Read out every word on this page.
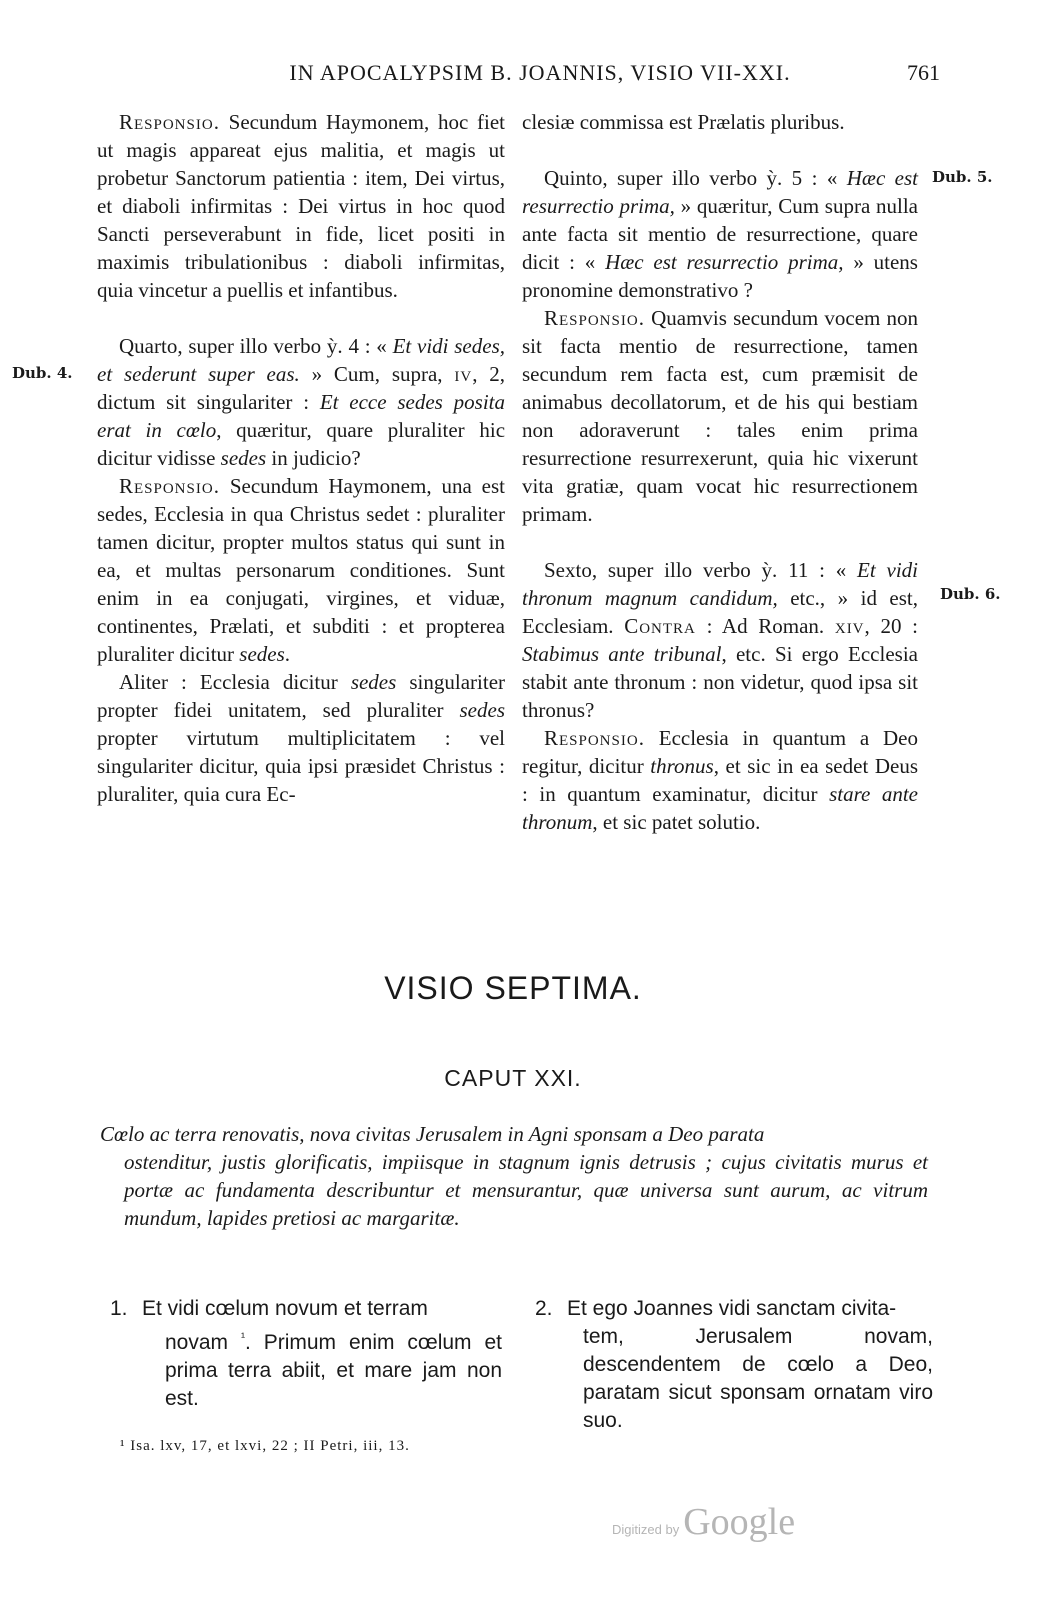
IN APOCALYPSIM B. JOANNIS, VISIO VII-XXI.	761

Responsio. Secundum Haymonem, hoc fiet ut magis appareat ejus malitia, et magis ut probetur Sanctorum patientia : item, Dei virtus, et diaboli infirmitas : Dei virtus in hoc quod Sancti perseverabunt in fide, licet positi in maximis tribulationibus : diaboli infirmitas, quia vincetur a puellis et infantibus.

Quarto, super illo verbo ỳ. 4 : « Et vidi sedes, et sederunt super eas. » Cum, supra, iv, 2, dictum sit singulariter : Et ecce sedes posita erat in cœlo, quæritur, quare pluraliter hic dicitur vidisse sedes in judicio?

Responsio. Secundum Haymonem, una est sedes, Ecclesia in qua Christus sedet : pluraliter tamen dicitur, propter multos status qui sunt in ea, et multas personarum conditiones. Sunt enim in ea conjugati, virgines, et viduæ, continentes, Prælati, et subditi : et propterea pluraliter dicitur sedes.

Aliter : Ecclesia dicitur sedes singulariter propter fidei unitatem, sed pluraliter sedes propter virtutum multiplicitatem : vel singulariter dicitur, quia ipsi præsidet Christus : pluraliter, quia cura Ec-

clesiæ commissa est Prælatis pluribus.

Quinto, super illo verbo ỳ. 5 : « Hæc est resurrectio prima, » quæritur, Cum supra nulla ante facta sit mentio de resurrectione, quare dicit : « Hæc est resurrectio prima, » utens pronomine demonstrativo ?

Responsio. Quamvis secundum vocem non sit facta mentio de resurrectione, tamen secundum rem facta est, cum præmisit de animabus decollatorum, et de his qui bestiam non adoraverunt : tales enim prima resurrectione resurrexerunt, quia hic vixerunt vita gratiæ, quam vocat hic resurrectionem primam.

Sexto, super illo verbo ỳ. 11 : « Et vidi thronum magnum candidum, etc., » id est, Ecclesiam. Contra : Ad Roman. xiv, 20 : Stabimus ante tribunal, etc. Si ergo Ecclesia stabit ante thronum : non videtur, quod ipsa sit thronus?

Responsio. Ecclesia in quantum a Deo regitur, dicitur thronus, et sic in ea sedet Deus : in quantum examinatur, dicitur stare ante thronum, et sic patet solutio.

Dub. 4.
Dub. 5.
Dub. 6.
VISIO SEPTIMA.
CAPUT XXI.
Cœlo ac terra renovatis, nova civitas Jerusalem in Agni sponsam a Deo parata
ostenditur, justis glorificatis, impiisque in stagnum ignis detrusis ; cujus civitatis murus et portæ ac fundamenta describuntur et mensurantur, quæ universa sunt aurum, ac vitrum mundum, lapides pretiosi ac margaritæ.
1. Et vidi cœlum novum et terram
novam $^{^1}$. Primum enim cœlum et prima terra abiit, et mare jam non est.
2. Et ego Joannes vidi sanctam civita-
tem, Jerusalem novam, descendentem de cœlo a Deo, paratam sicut sponsam ornatam viro suo.
¹ Isa. lxv, 17, et lxvi, 22 ; II Petri, iii, 13.
Digitized by Google
